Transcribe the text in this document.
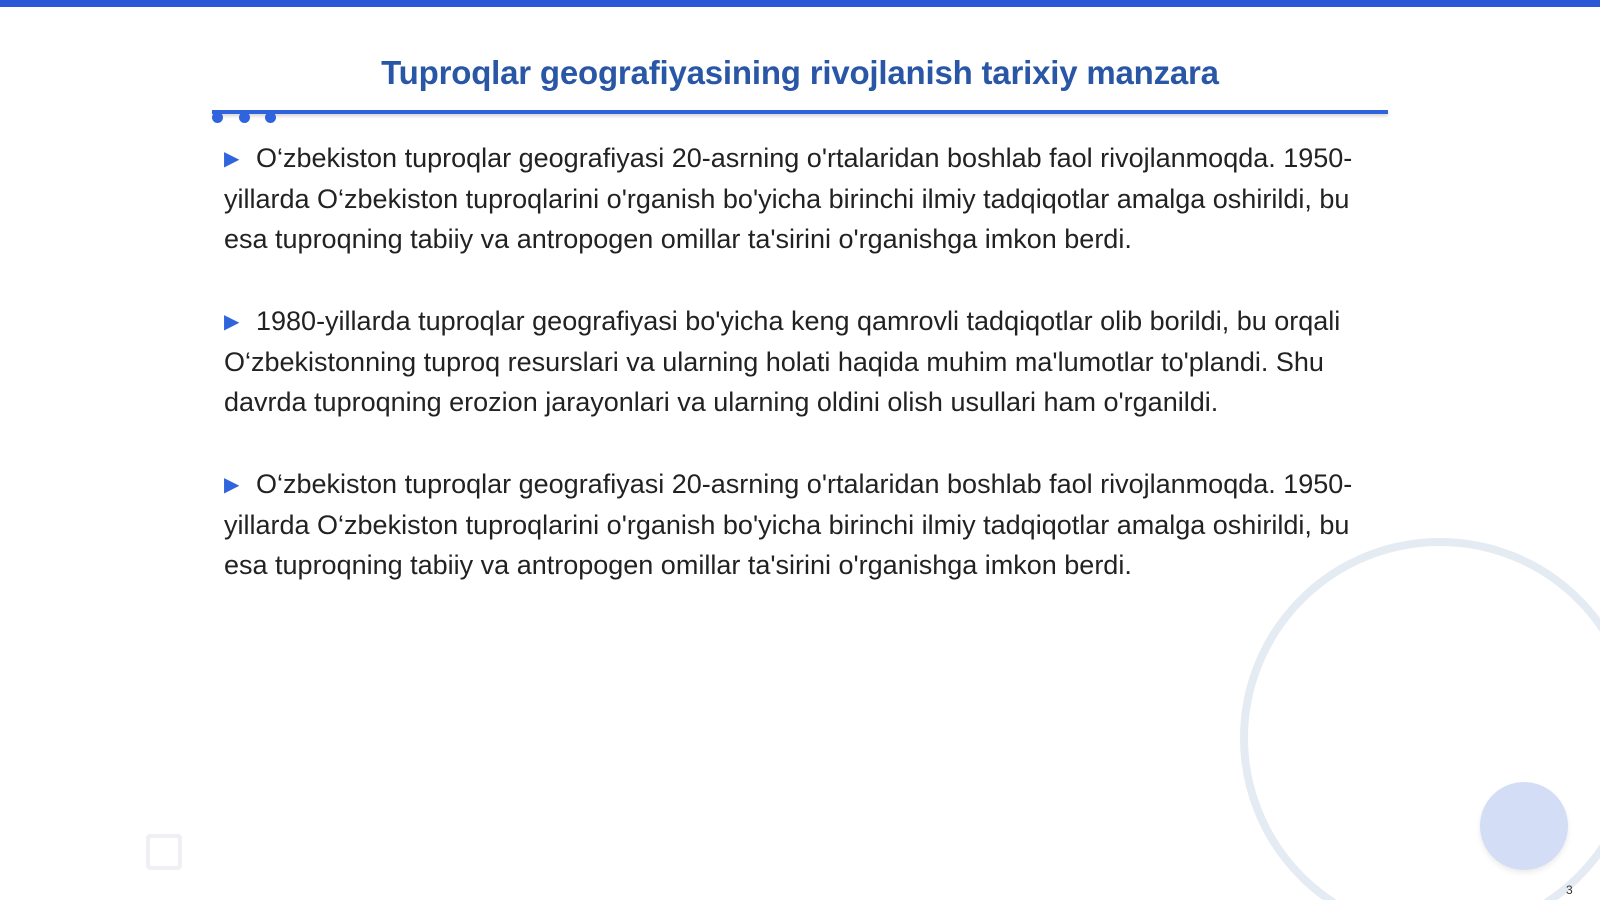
Tuproqlar geografiyasining rivojlanish tarixiy manzara

▶ O‘zbekiston tuproqlar geografiyasi 20-asrning o'rtalaridan boshlab faol rivojlanmoqda. 1950-yillarda O‘zbekiston tuproqlarini o'rganish bo'yicha birinchi ilmiy tadqiqotlar amalga oshirildi, bu esa tuproqning tabiiy va antropogen omillar ta'sirini o'rganishga imkon berdi.

▶ 1980-yillarda tuproqlar geografiyasi bo'yicha keng qamrovli tadqiqotlar olib borildi, bu orqali O‘zbekistonning tuproq resurslari va ularning holati haqida muhim ma'lumotlar to'plandi. Shu davrda tuproqning erozion jarayonlari va ularning oldini olish usullari ham o'rganildi.

▶ O‘zbekiston tuproqlar geografiyasi 20-asrning o'rtalaridan boshlab faol rivojlanmoqda. 1950-yillarda O‘zbekiston tuproqlarini o'rganish bo'yicha birinchi ilmiy tadqiqotlar amalga oshirildi, bu esa tuproqning tabiiy va antropogen omillar ta'sirini o'rganishga imkon berdi.

3
